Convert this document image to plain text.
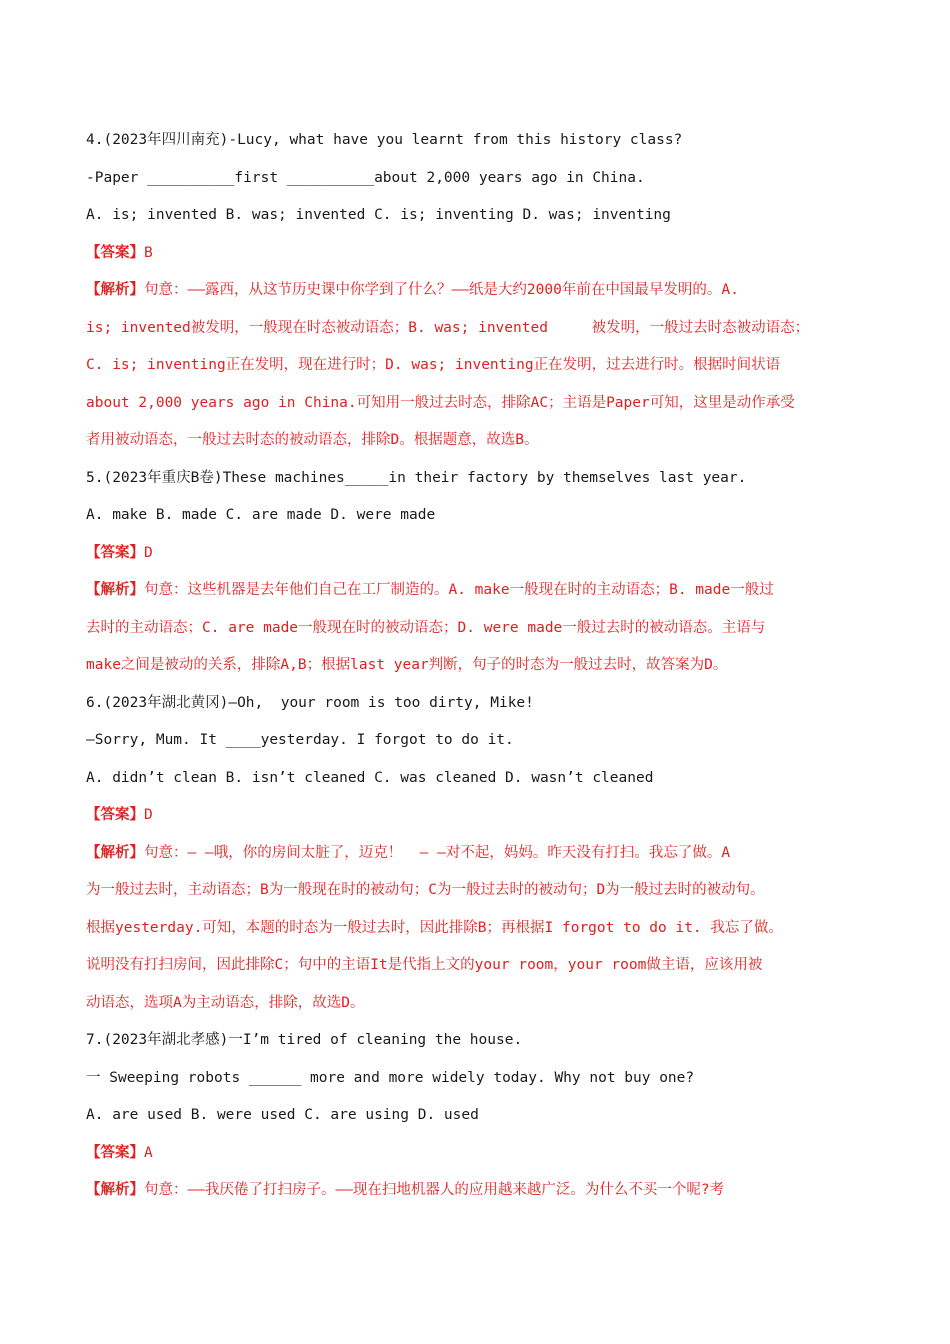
4.(2023年四川南充)-Lucy, what have you learnt from this history class?
-Paper __________first __________about 2,000 years ago in China.
A. is; invented B. was; invented C. is; inventing D. was; inventing
【答案】B
【解析】句意：——露西，从这节历史课中你学到了什么？——纸是大约2000年前在中国最早发明的。A.
is; invented被发明，一般现在时态被动语态；B. was; invented     被发明，一般过去时态被动语态；
C. is; inventing正在发明，现在进行时；D. was; inventing正在发明，过去进行时。根据时间状语
about 2,000 years ago in China.可知用一般过去时态，排除AC；主语是Paper可知，这里是动作承受
者用被动语态，一般过去时态的被动语态，排除D。根据题意，故选B。
5.(2023年重庆B卷)These machines_____in their factory by themselves last year.
A. make B. made C. are made D. were made
【答案】D
【解析】句意：这些机器是去年他们自己在工厂制造的。A. make一般现在时的主动语态；B. made一般过
去时的主动语态；C. are made一般现在时的被动语态；D. were made一般过去时的被动语态。主语与
make之间是被动的关系，排除A,B；根据last year判断，句子的时态为一般过去时，故答案为D。
6.(2023年湖北黄冈)—Oh,  your room is too dirty, Mike!
—Sorry, Mum. It ____yesterday. I forgot to do it.
A. didn’t clean B. isn’t cleaned C. was cleaned D. wasn’t cleaned
【答案】D
【解析】句意：— —哦，你的房间太脏了，迈克！  — —对不起，妈妈。昨天没有打扫。我忘了做。A
为一般过去时，主动语态；B为一般现在时的被动句；C为一般过去时的被动句；D为一般过去时的被动句。
根据yesterday.可知，本题的时态为一般过去时，因此排除B；再根据I forgot to do it. 我忘了做。
说明没有打扫房间，因此排除C；句中的主语It是代指上文的your room，your room做主语，应该用被
动语态，选项A为主动语态，排除，故选D。
7.(2023年湖北孝感)一I’m tired of cleaning the house.
一 Sweeping robots ______ more and more widely today. Why not buy one?
A. are used B. were used C. are using D. used
【答案】A
【解析】句意：——我厌倦了打扫房子。——现在扫地机器人的应用越来越广泛。为什么不买一个呢?考
